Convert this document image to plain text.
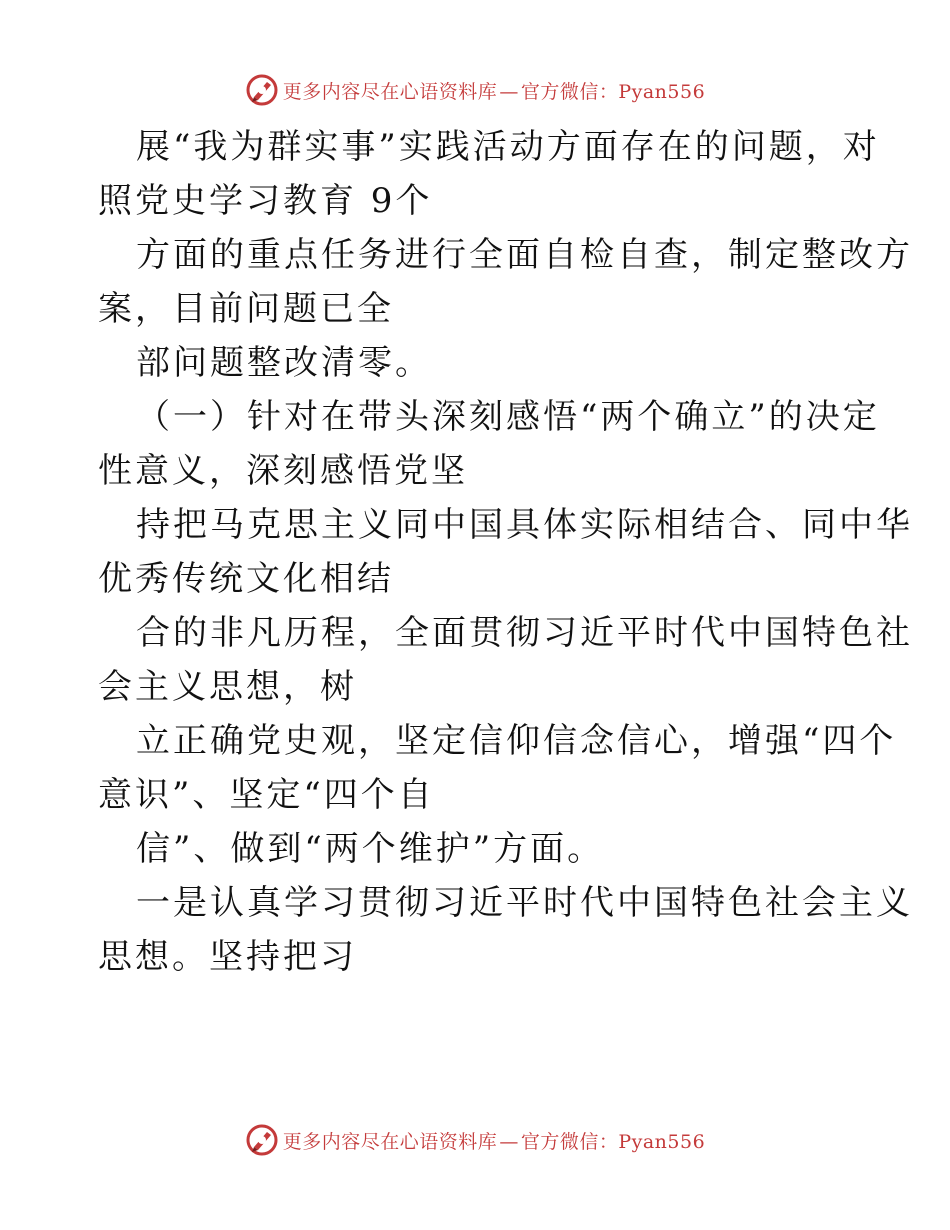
更多内容尽在心语资料库 — 官方微信：Pyan556
展“我为群实事”实践活动方面存在的问题，对
照党史学习教育 9个
方面的重点任务进行全面自检自查，制定整改方
案，目前问题已全
部问题整改清零。
（一）针对在带头深刻感悟“两个确立”的决定
性意义，深刻感悟党坚
持把马克思主义同中国具体实际相结合、同中华
优秀传统文化相结
合的非凡历程，全面贯彻习近平时代中国特色社
会主义思想，树
立正确党史观，坚定信仰信念信心，增强“四个
意识”、坚定“四个自
信”、做到“两个维护”方面。
一是认真学习贯彻习近平时代中国特色社会主义
思想。坚持把习
更多内容尽在心语资料库 — 官方微信：Pyan556
